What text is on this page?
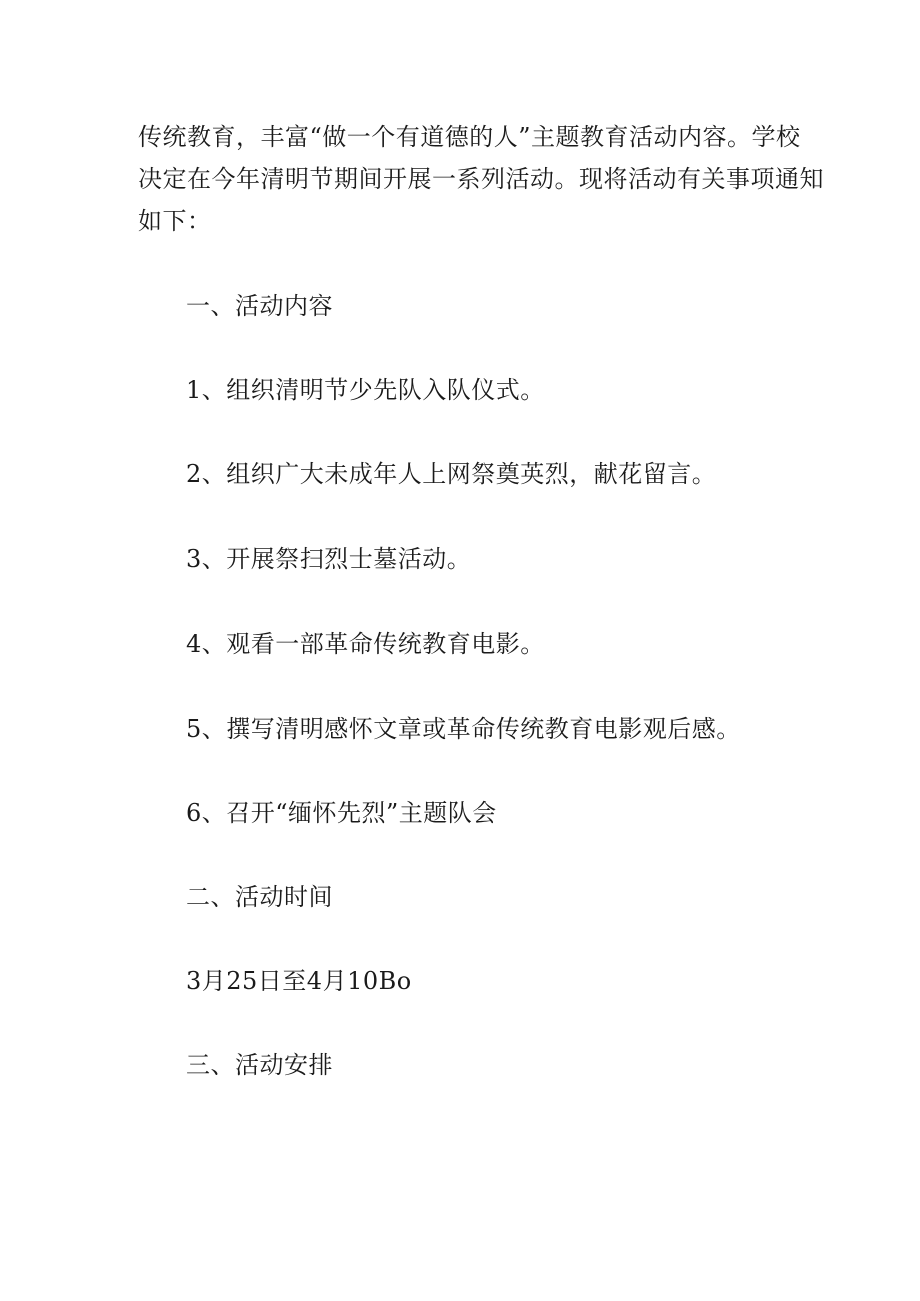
传统教育，丰富“做一个有道德的人”主题教育活动内容。学校
决定在今年清明节期间开展一系列活动。现将活动有关事项通知
如下：

一、活动内容

1、组织清明节少先队入队仪式。

2、组织广大未成年人上网祭奠英烈，献花留言。

3、开展祭扫烈士墓活动。

4、观看一部革命传统教育电影。

5、撰写清明感怀文章或革命传统教育电影观后感。

6、召开“缅怀先烈”主题队会

二、活动时间

3月25日至4月10Bo

三、活动安排
